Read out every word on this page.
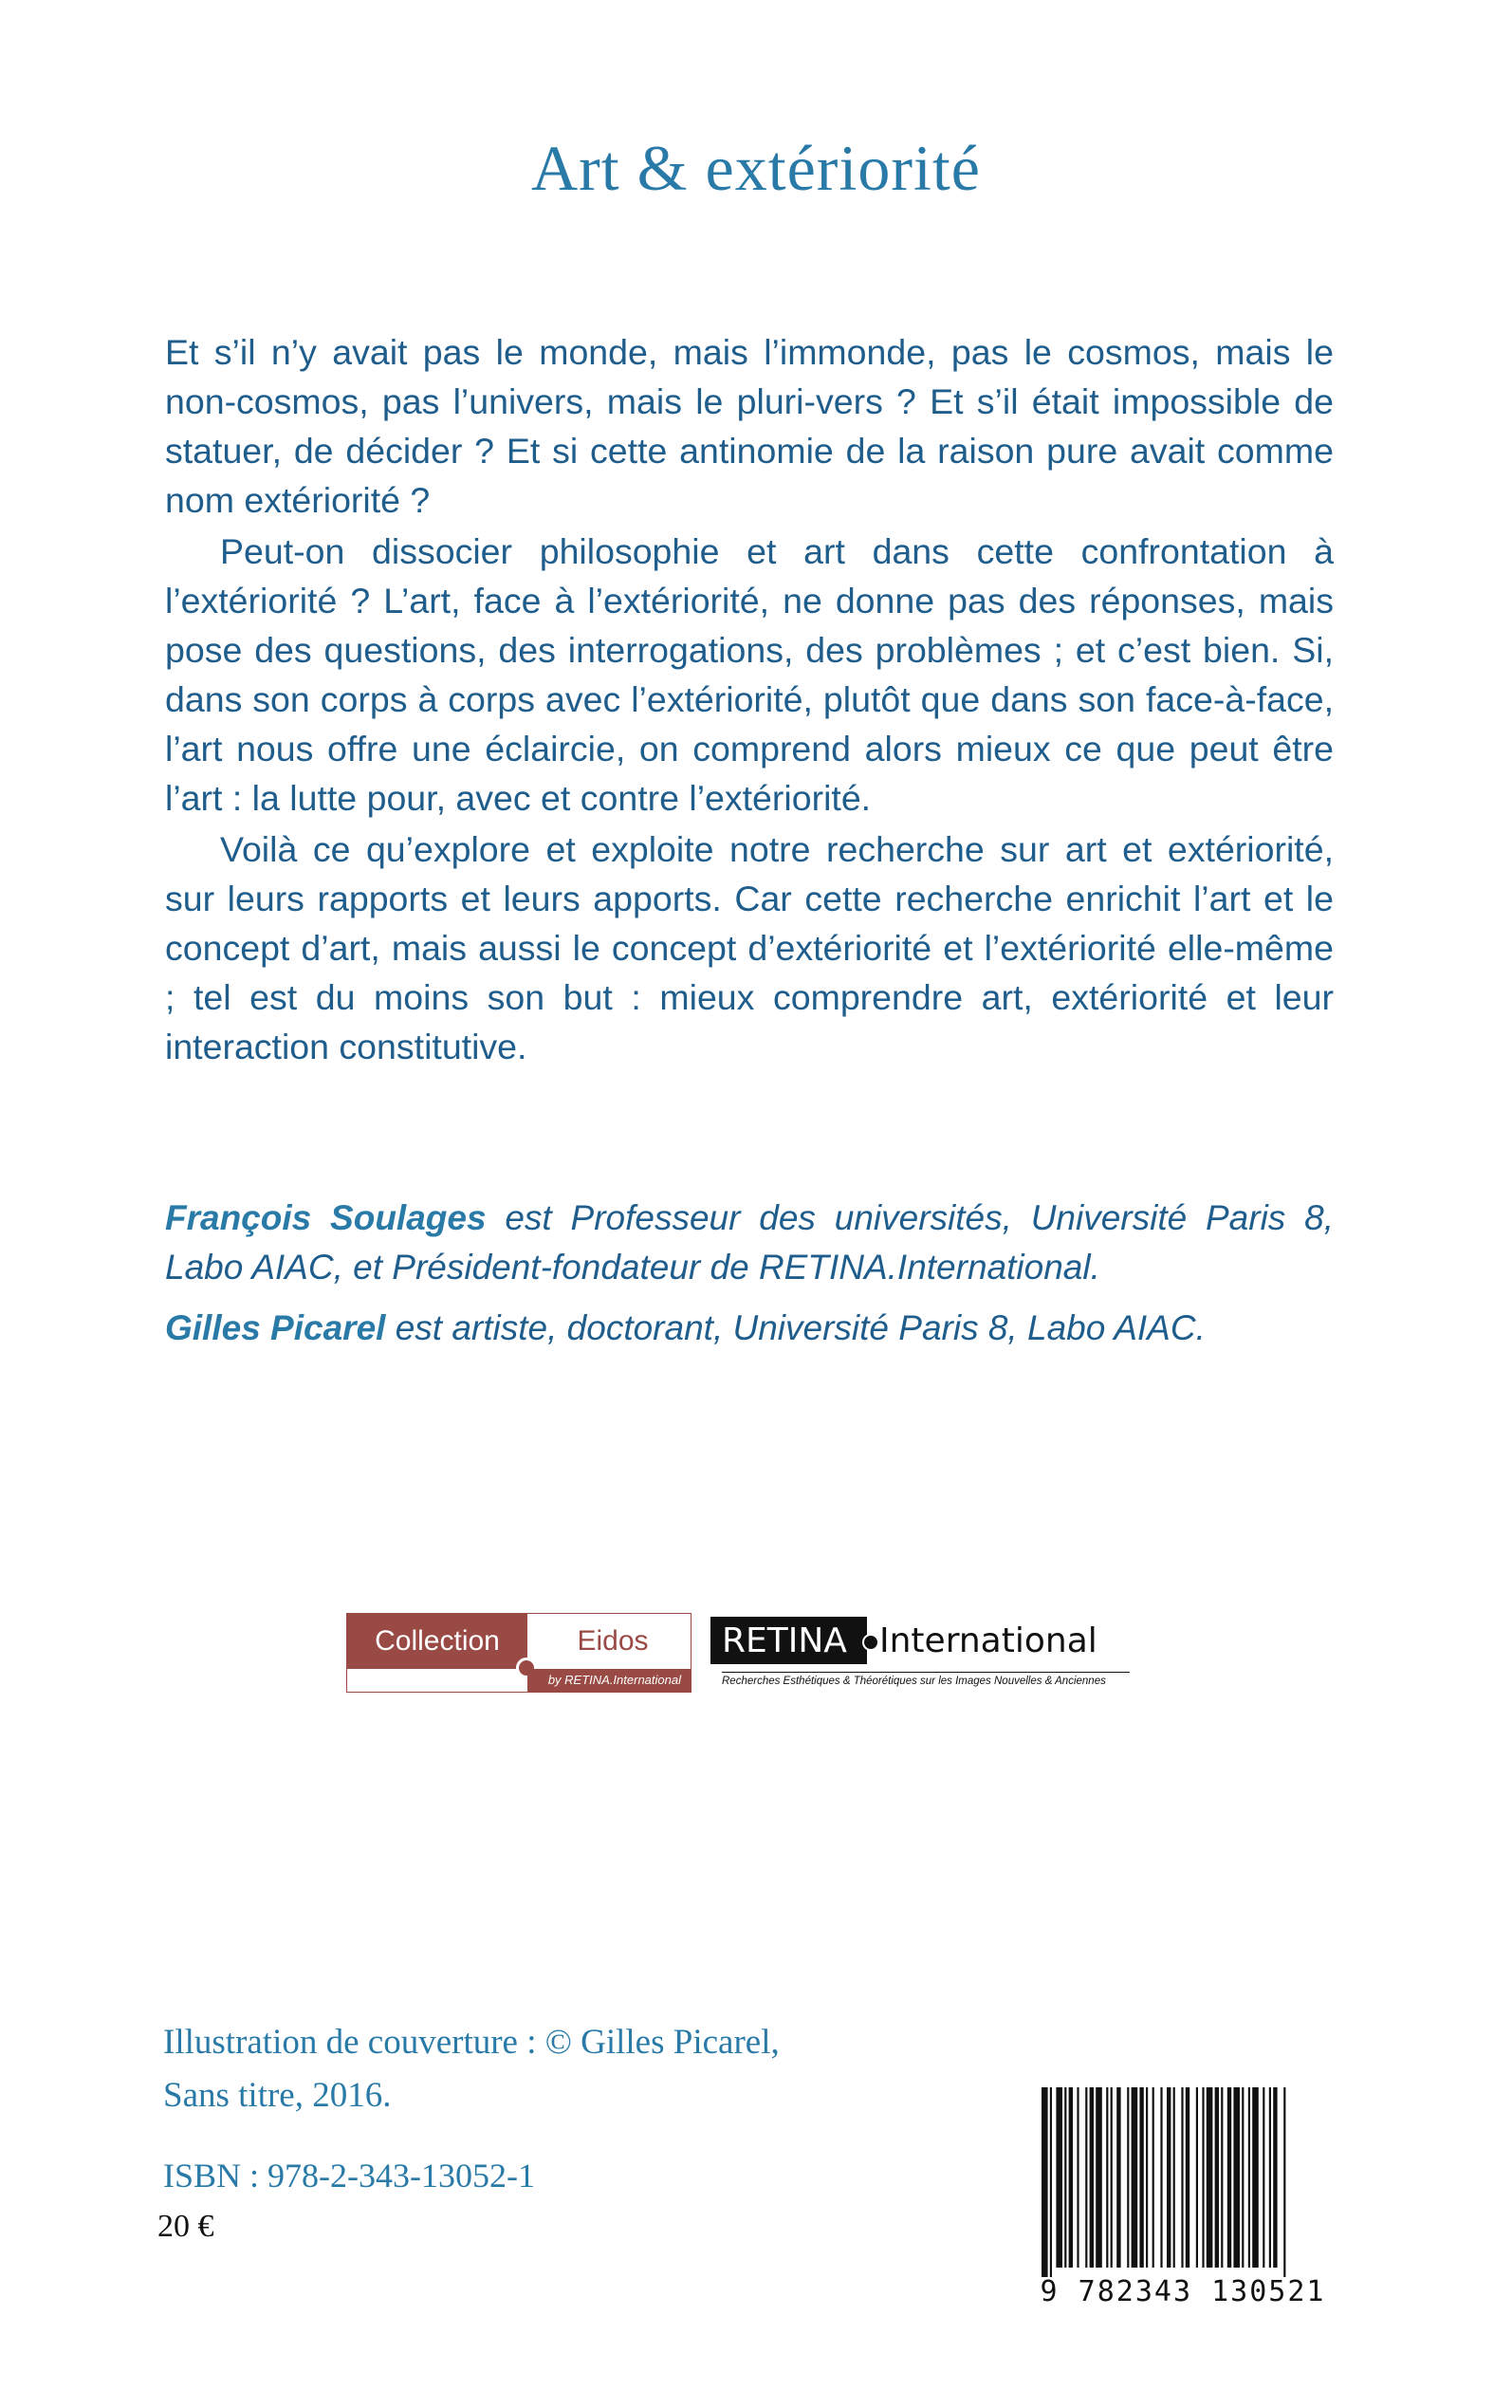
Art & extériorité

Et s’il n’y avait pas le monde, mais l’immonde, pas le cosmos, mais le non-cosmos, pas l’univers, mais le pluri-vers ? Et s’il était impossible de statuer, de décider ? Et si cette antinomie de la raison pure avait comme nom extériorité ?

Peut-on dissocier philosophie et art dans cette confrontation à l’extériorité ? L’art, face à l’extériorité, ne donne pas des réponses, mais pose des questions, des interrogations, des problèmes ; et c’est bien. Si, dans son corps à corps avec l’extériorité, plutôt que dans son face-à-face, l’art nous offre une éclaircie, on comprend alors mieux ce que peut être l’art : la lutte pour, avec et contre l’extériorité.

Voilà ce qu’explore et exploite notre recherche sur art et extériorité, sur leurs rapports et leurs apports. Car cette recherche enrichit l’art et le concept d’art, mais aussi le concept d’extériorité et l’extériorité elle-même ; tel est du moins son but : mieux comprendre art, extériorité et leur interaction constitutive.

François Soulages est Professeur des universités, Université Paris 8, Labo AIAC, et Président-fondateur de RETINA.International.

Gilles Picarel est artiste, doctorant, Université Paris 8, Labo AIAC.

Collection	Eidos
by RETINA.International
RETINA International
Recherches Esthétiques & Théorétiques sur les Images Nouvelles & Anciennes
Illustration de couverture : © Gilles Picarel,
Sans titre, 2016.
ISBN : 978-2-343-13052-1
20 €
9 782343 130521
